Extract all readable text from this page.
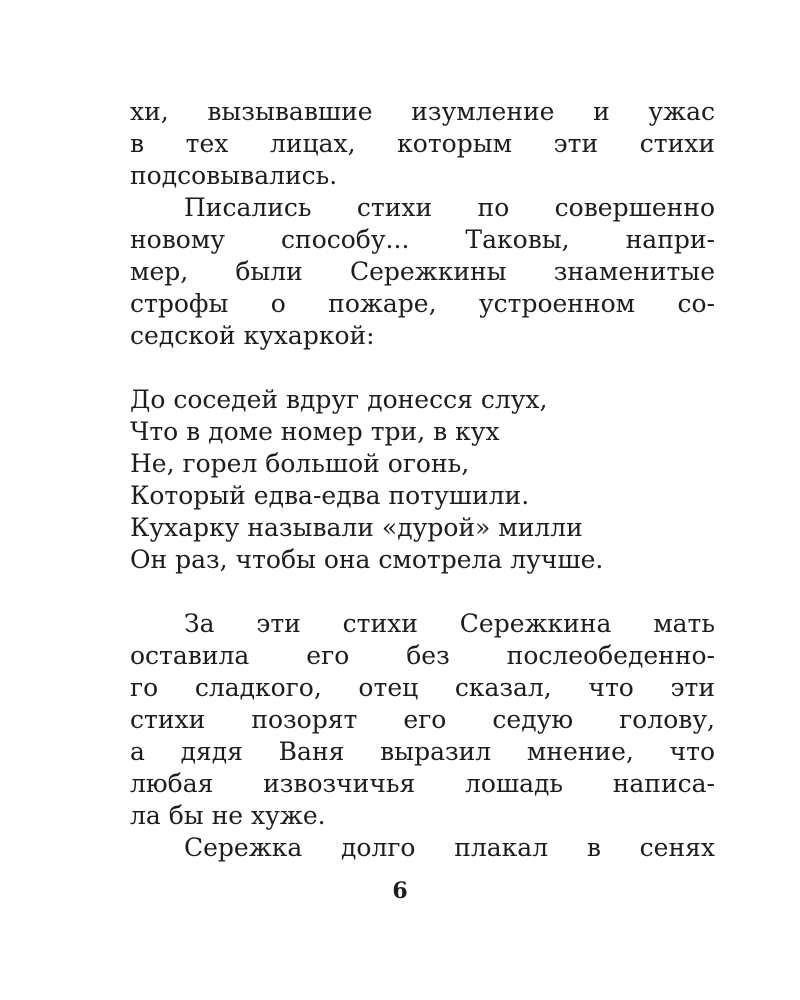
хи, вызывавшие изумление и ужас
в тех лицах, которым эти стихи
подсовывались.
Писались стихи по совершенно
новому способу... Таковы, напри-
мер, были Сережкины знаменитые
строфы о пожаре, устроенном со-
седской кухаркой:
До соседей вдруг донесся слух,
Что в доме номер три, в кух
Не, горел большой огонь,
Который едва-едва потушили.
Кухарку называли «дурой» милли
Он раз, чтобы она смотрела лучше.
За эти стихи Сережкина мать
оставила его без послеобеденно-
го сладкого, отец сказал, что эти
стихи позорят его седую голову,
а дядя Ваня выразил мнение, что
любая извозчичья лошадь написа-
ла бы не хуже.
Сережка долго плакал в сенях
6
